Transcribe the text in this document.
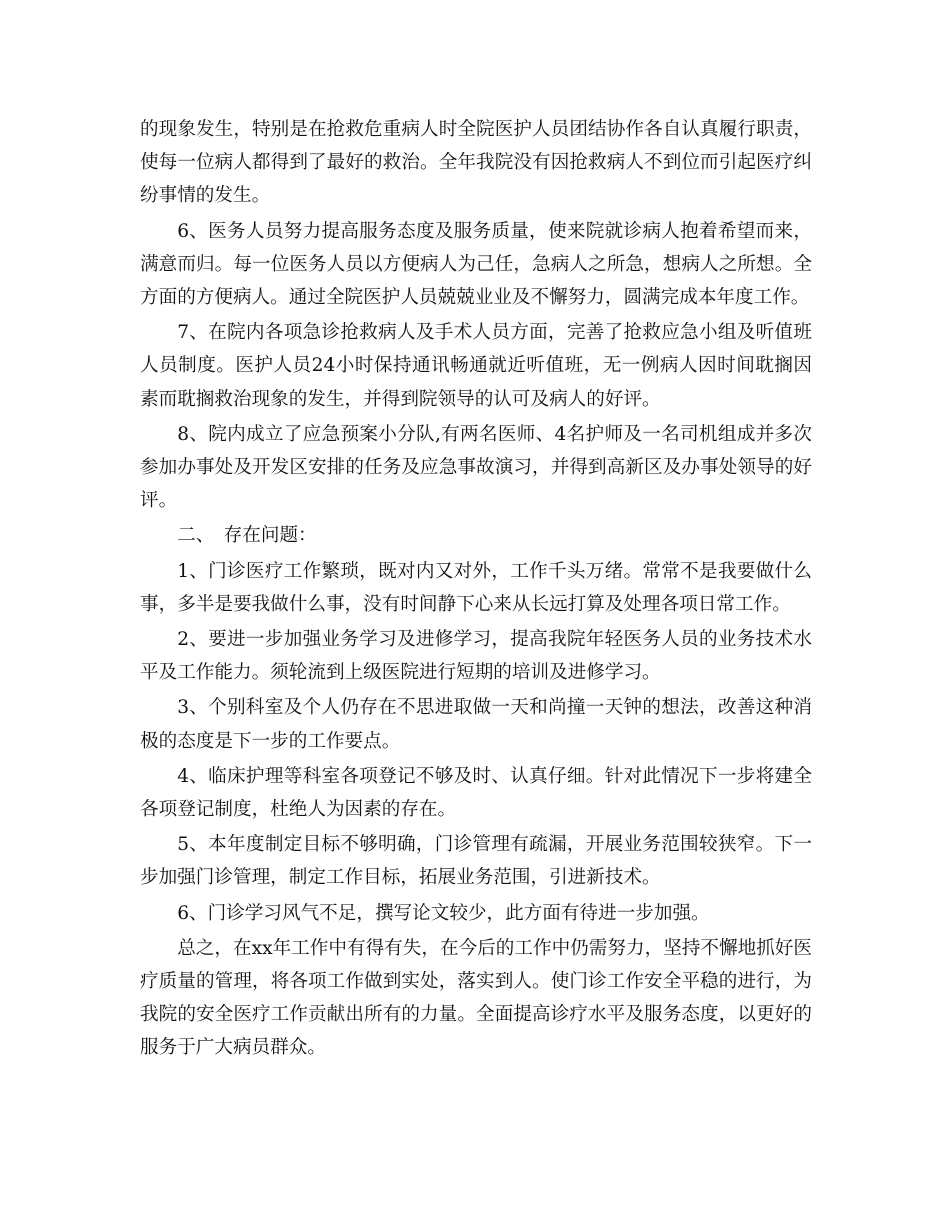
的现象发生，特别是在抢救危重病人时全院医护人员团结协作各自认真履行职责，使每一位病人都得到了最好的救治。全年我院没有因抢救病人不到位而引起医疗纠纷事情的发生。

6、医务人员努力提高服务态度及服务质量，使来院就诊病人抱着希望而来，满意而归。每一位医务人员以方便病人为己任，急病人之所急，想病人之所想。全方面的方便病人。通过全院医护人员兢兢业业及不懈努力，圆满完成本年度工作。

7、在院内各项急诊抢救病人及手术人员方面，完善了抢救应急小组及听值班人员制度。医护人员24小时保持通讯畅通就近听值班，无一例病人因时间耽搁因素而耽搁救治现象的发生，并得到院领导的认可及病人的好评。

8、院内成立了应急预案小分队,有两名医师、4名护师及一名司机组成并多次参加办事处及开发区安排的任务及应急事故演习，并得到高新区及办事处领导的好评。

二、　存在问题：

1、门诊医疗工作繁琐，既对内又对外，工作千头万绪。常常不是我要做什么事，多半是要我做什么事，没有时间静下心来从长远打算及处理各项日常工作。

2、要进一步加强业务学习及进修学习，提高我院年轻医务人员的业务技术水平及工作能力。须轮流到上级医院进行短期的培训及进修学习。

3、个别科室及个人仍存在不思进取做一天和尚撞一天钟的想法，改善这种消极的态度是下一步的工作要点。

4、临床护理等科室各项登记不够及时、认真仔细。针对此情况下一步将建全各项登记制度，杜绝人为因素的存在。

5、本年度制定目标不够明确，门诊管理有疏漏，开展业务范围较狭窄。下一步加强门诊管理，制定工作目标，拓展业务范围，引进新技术。

6、门诊学习风气不足，撰写论文较少，此方面有待进一步加强。

总之，在xx年工作中有得有失，在今后的工作中仍需努力，坚持不懈地抓好医疗质量的管理，将各项工作做到实处，落实到人。使门诊工作安全平稳的进行，为我院的安全医疗工作贡献出所有的力量。全面提高诊疗水平及服务态度，以更好的服务于广大病员群众。
